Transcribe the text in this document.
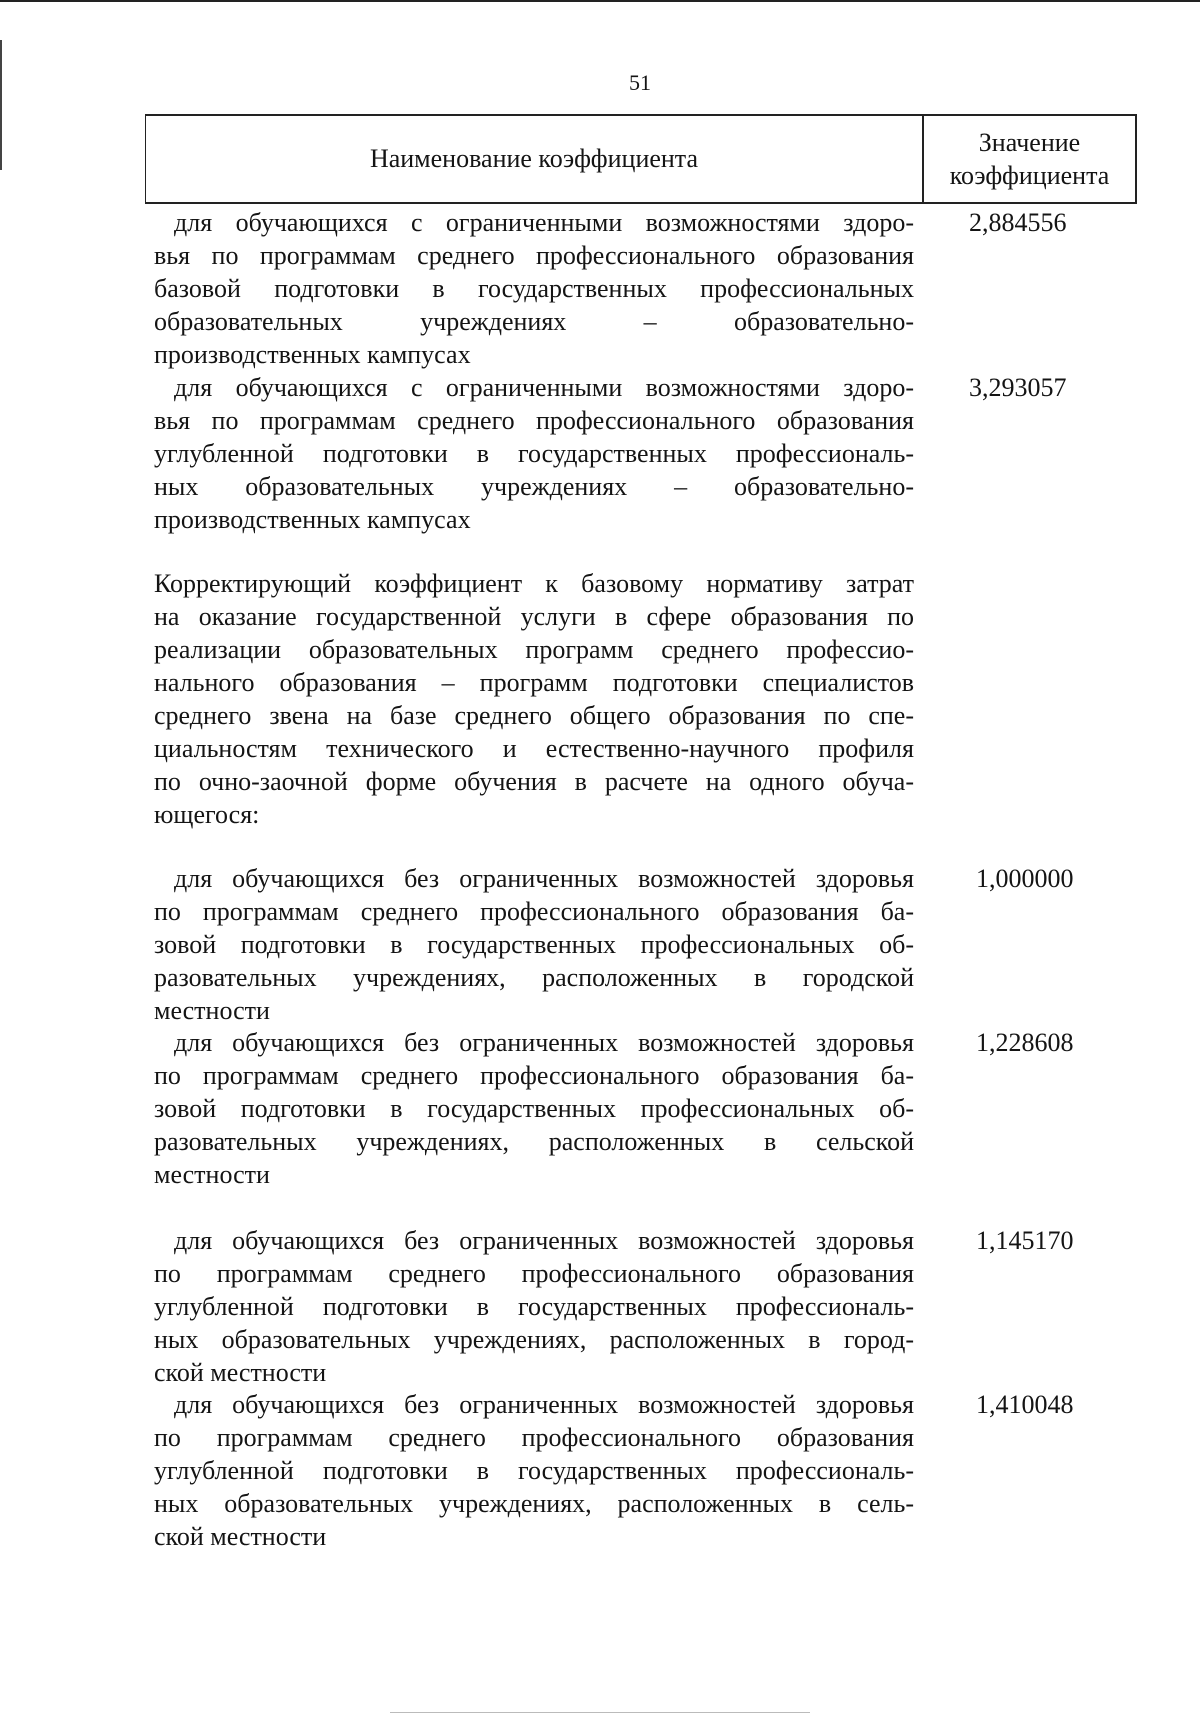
51
Наименование коэффициента
Значение
коэффициента
для обучающихся с ограниченными возможностями здоро-
вья по программам среднего профессионального образования
базовой подготовки в государственных профессиональных
образовательных учреждениях – образовательно-
производственных кампусах
2,884556
для обучающихся с ограниченными возможностями здоро-
вья по программам среднего профессионального образования
углубленной подготовки в государственных профессиональ-
ных образовательных учреждениях – образовательно-
производственных кампусах
3,293057
Корректирующий коэффициент к базовому нормативу затрат
на оказание государственной услуги в сфере образования по
реализации образовательных программ среднего профессио-
нального образования – программ подготовки специалистов
среднего звена на базе среднего общего образования по спе-
циальностям технического и естественно-научного профиля
по очно-заочной форме обучения в расчете на одного обуча-
ющегося:
для обучающихся без ограниченных возможностей здоровья
по программам среднего профессионального образования ба-
зовой подготовки в государственных профессиональных об-
разовательных учреждениях, расположенных в городской
местности
1,000000
для обучающихся без ограниченных возможностей здоровья
по программам среднего профессионального образования ба-
зовой подготовки в государственных профессиональных об-
разовательных учреждениях, расположенных в сельской
местности
1,228608
для обучающихся без ограниченных возможностей здоровья
по программам среднего профессионального образования
углубленной подготовки в государственных профессиональ-
ных образовательных учреждениях, расположенных в город-
ской местности
1,145170
для обучающихся без ограниченных возможностей здоровья
по программам среднего профессионального образования
углубленной подготовки в государственных профессиональ-
ных образовательных учреждениях, расположенных в сель-
ской местности
1,410048
